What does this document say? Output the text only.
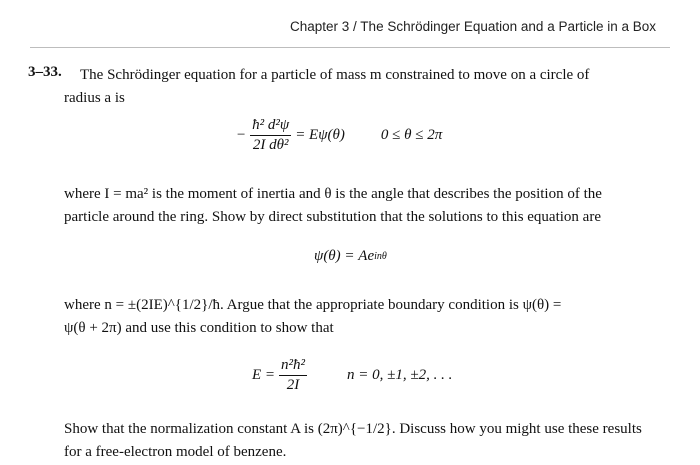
Chapter 3 / The Schrödinger Equation and a Particle in a Box
3–33. The Schrödinger equation for a particle of mass m constrained to move on a circle of
radius a is
− $\frac{\text{ħ² d²ψ}}{\text{2I dθ²}} = E\psi(\theta) 0 \le \theta \le 2\pi$
where I = ma² is the moment of inertia and θ is the angle that describes the position of the
particle around the ring. Show by direct substitution that the solutions to this equation are
ψ(θ) = Ae inθ
where n = ±(2IE)^{1/2}/ħ. Argue that the appropriate boundary condition is ψ(θ) =
ψ(θ + 2π) and use this condition to show that
$E = \frac{\text{n²ħ²}}{2I}$	n = 0, ±1, ±2, . . .
Show that the normalization constant A is (2π)^{−1/2}. Discuss how you might use these results
for a free-electron model of benzene.
